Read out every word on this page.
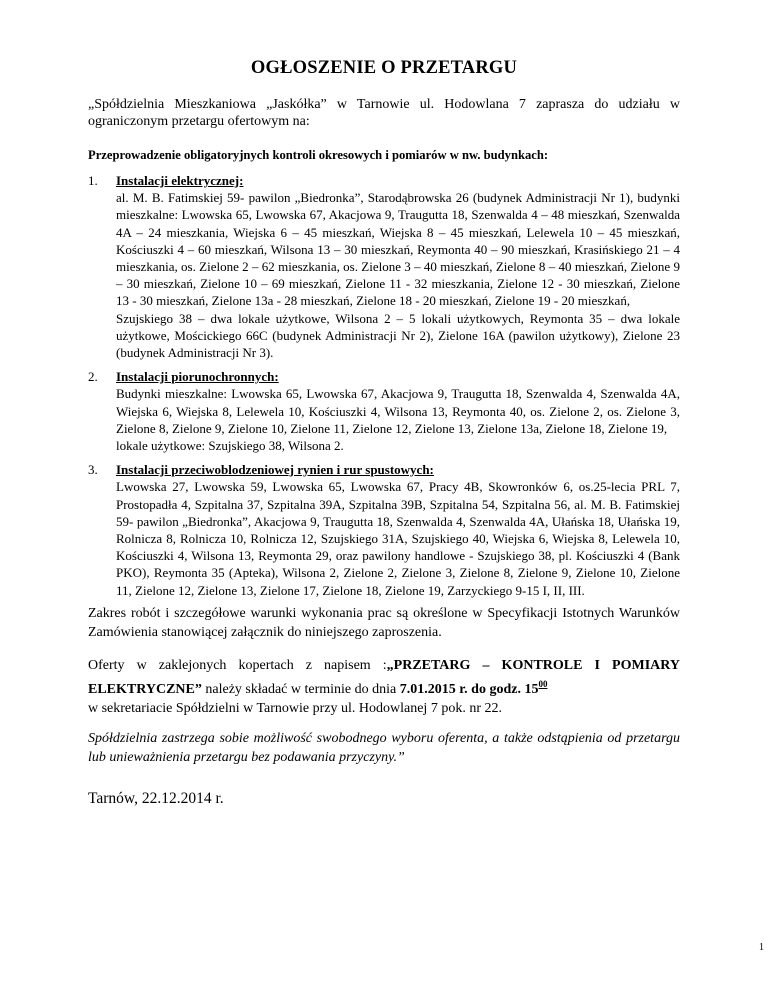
OGŁOSZENIE O PRZETARGU
„Spółdzielnia Mieszkaniowa „Jaskółka” w Tarnowie ul. Hodowlana 7 zaprasza do udziału w ograniczonym przetargu ofertowym na:
Przeprowadzenie obligatoryjnych kontroli okresowych i pomiarów w nw. budynkach:
1. Instalacji elektrycznej:
al. M. B. Fatimskiej 59- pawilon „Biedronka”, Starodąbrowska 26 (budynek Administracji Nr 1), budynki mieszkalne: Lwowska 65, Lwowska 67, Akacjowa 9, Traugutta 18, Szenwalda 4 – 48 mieszkań, Szenwalda 4A – 24 mieszkania, Wiejska 6 – 45 mieszkań, Wiejska 8 – 45 mieszkań, Lelewela 10 – 45 mieszkań, Kościuszki 4 – 60 mieszkań, Wilsona 13 – 30 mieszkań, Reymonta 40 – 90 mieszkań, Krasińskiego 21 – 4 mieszkania, os. Zielone 2 – 62 mieszkania, os. Zielone 3 – 40 mieszkań, Zielone 8 – 40 mieszkań, Zielone 9 – 30 mieszkań, Zielone 10 – 69 mieszkań, Zielone 11 - 32 mieszkania, Zielone 12 - 30 mieszkań, Zielone 13 - 30 mieszkań, Zielone 13a - 28 mieszkań, Zielone 18 - 20 mieszkań, Zielone 19 - 20 mieszkań,
Szujskiego 38 – dwa lokale użytkowe, Wilsona 2 – 5 lokali użytkowych, Reymonta 35 – dwa lokale użytkowe, Mościckiego 66C (budynek Administracji Nr 2), Zielone 16A (pawilon użytkowy), Zielone 23 (budynek Administracji Nr 3).
2. Instalacji piorunochronnych:
Budynki mieszkalne: Lwowska 65, Lwowska 67, Akacjowa 9, Traugutta 18, Szenwalda 4, Szenwalda 4A, Wiejska 6, Wiejska 8, Lelewela 10, Kościuszki 4, Wilsona 13, Reymonta 40, os. Zielone 2, os. Zielone 3, Zielone 8, Zielone 9, Zielone 10, Zielone 11, Zielone 12, Zielone 13, Zielone 13a, Zielone 18, Zielone 19,
lokale użytkowe: Szujskiego 38, Wilsona 2.
3. Instalacji przeciwoblodzeniowej rynien i rur spustowych:
Lwowska 27, Lwowska 59, Lwowska 65, Lwowska 67, Pracy 4B, Skowronków 6, os.25-lecia PRL 7, Prostopadła 4, Szpitalna 37, Szpitalna 39A, Szpitalna 39B, Szpitalna 54, Szpitalna 56, al. M. B. Fatimskiej 59- pawilon „Biedronka”, Akacjowa 9, Traugutta 18, Szenwalda 4, Szenwalda 4A, Ułańska 18, Ułańska 19, Rolnicza 8, Rolnicza 10, Rolnicza 12, Szujskiego 31A, Szujskiego 40, Wiejska 6, Wiejska 8, Lelewela 10, Kościuszki 4, Wilsona 13, Reymonta 29, oraz pawilony handlowe - Szujskiego 38, pl. Kościuszki 4 (Bank PKO), Reymonta 35 (Apteka), Wilsona 2, Zielone 2, Zielone 3, Zielone 8, Zielone 9, Zielone 10, Zielone 11, Zielone 12, Zielone 13, Zielone 17, Zielone 18, Zielone 19, Zarzyckiego 9-15 I, II, III.
Zakres robót i szczegółowe warunki wykonania prac są określone w Specyfikacji Istotnych Warunków Zamówienia stanowiącej załącznik do niniejszego zaproszenia.
Oferty w zaklejonych kopertach z napisem :„PRZETARG – KONTROLE I POMIARY ELEKTRYCZNE” należy składać w terminie do dnia 7.01.2015 r. do godz. $15^{00}$
w sekretariacie Spółdzielni w Tarnowie przy ul. Hodowlanej 7 pok. nr 22.
Spółdzielnia zastrzega sobie możliwość swobodnego wyboru oferenta, a także odstąpienia od przetargu lub unieważnienia przetargu bez podawania przyczyny.”
Tarnów, 22.12.2014 r.
1
